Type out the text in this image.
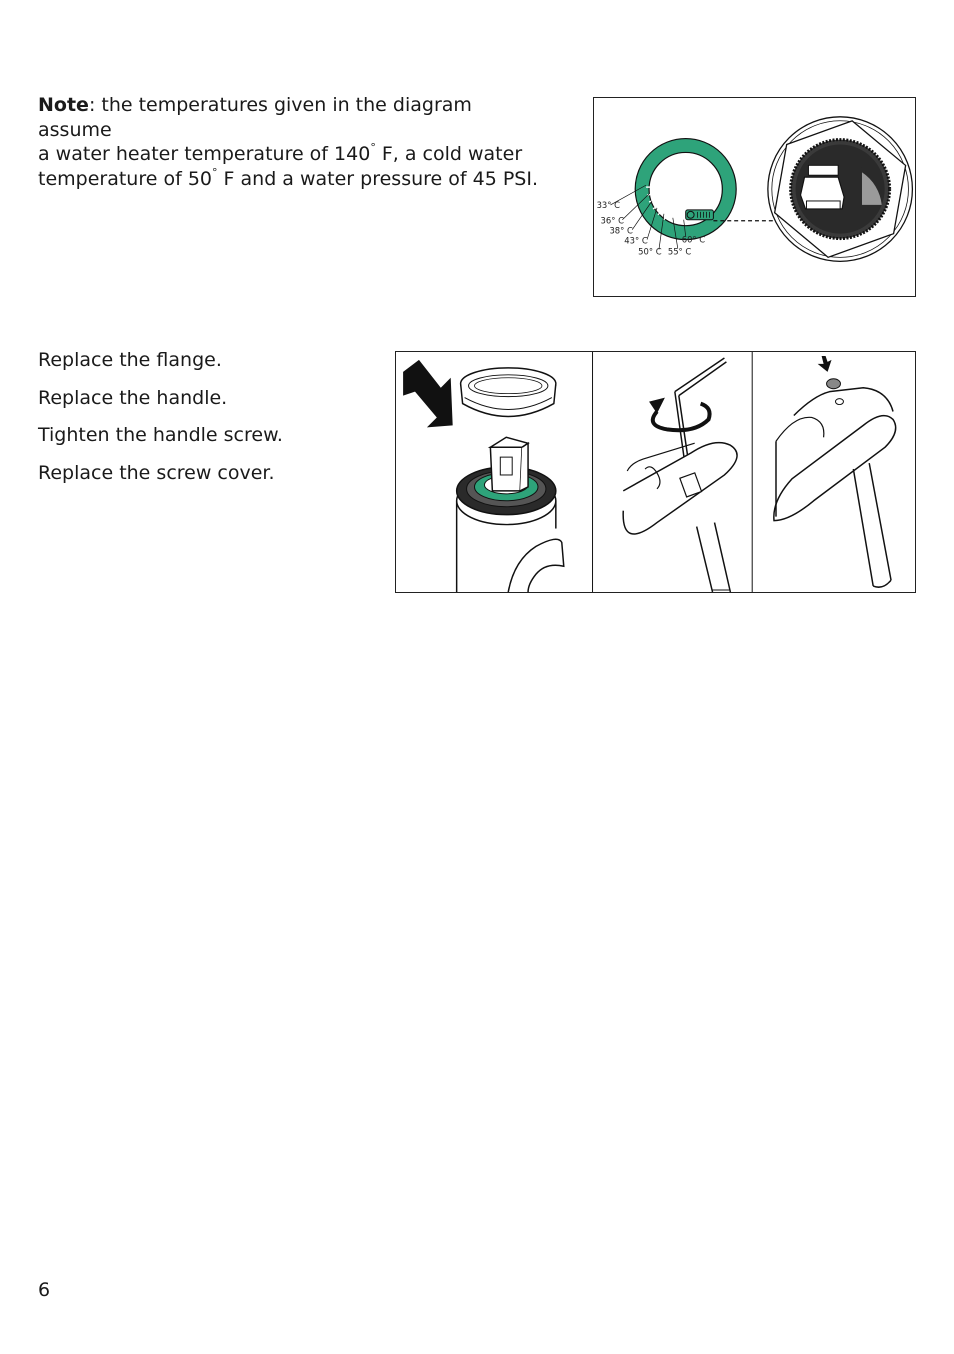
Note: the temperatures given in the diagram assume
a water heater temperature of 140° F, a cold water
temperature of 50° F and a water pressure of 45 PSI.
33° C
36° C
38° C
43° C
50° C 55° C
60° C
Replace the flange.
Replace the handle.
Tighten the handle screw.
Replace the screw cover.
6
